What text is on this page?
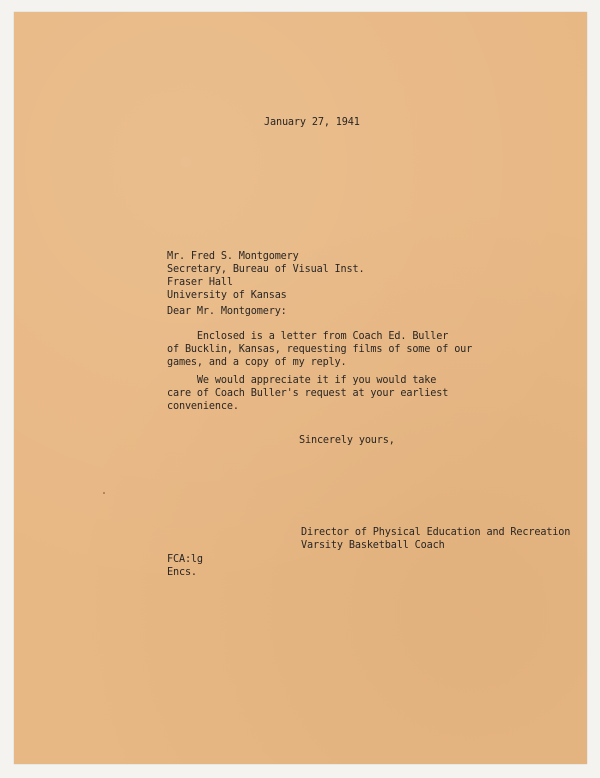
January 27, 1941
Mr. Fred S. Montgomery
Secretary, Bureau of Visual Inst.
Fraser Hall
University of Kansas
Dear Mr. Montgomery:
Enclosed is a letter from Coach Ed. Buller
of Bucklin, Kansas, requesting films of some of our
games, and a copy of my reply.
We would appreciate it if you would take
care of Coach Buller's request at your earliest
convenience.
Sincerely yours,
Director of Physical Education and Recreation
Varsity Basketball Coach
FCA:lg
Encs.
